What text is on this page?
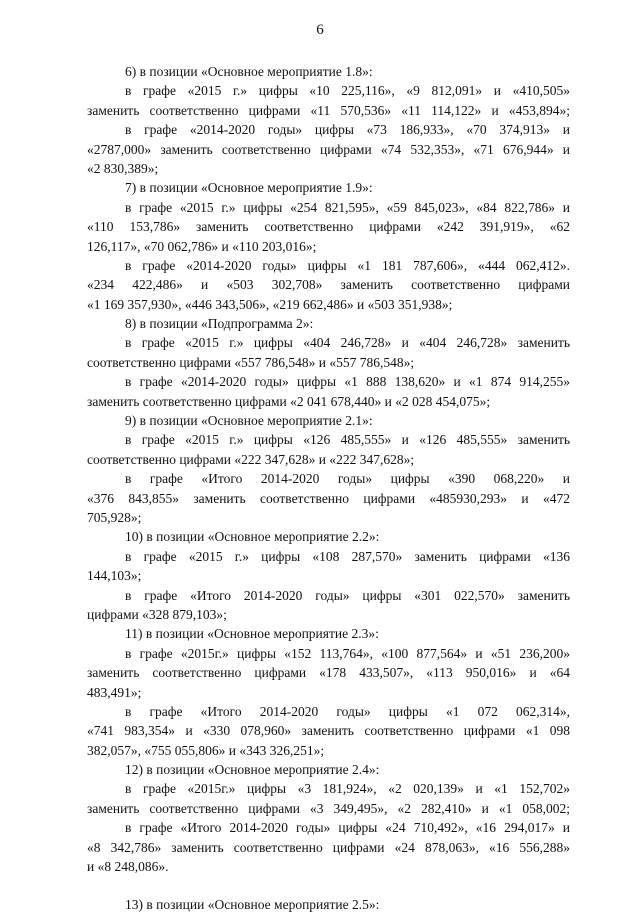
6
6) в позиции «Основное мероприятие 1.8»:
в графе «2015 г.» цифры «10 225,116», «9 812,091» и «410,505»
заменить соответственно цифрами «11 570,536» «11 114,122» и «453,894»;
в графе «2014-2020 годы» цифры «73 186,933», «70 374,913» и
«2787,000» заменить соответственно цифрами «74 532,353», «71 676,944» и
«2 830,389»;
7) в позиции «Основное мероприятие 1.9»:
в графе «2015 г.» цифры «254 821,595», «59 845,023», «84 822,786» и
«110 153,786» заменить соответственно цифрами «242 391,919», «62
126,117», «70 062,786» и «110 203,016»;
в графе «2014-2020 годы» цифры «1 181 787,606», «444 062,412».
«234 422,486» и «503 302,708» заменить соответственно цифрами
«1 169 357,930», «446 343,506», «219 662,486» и «503 351,938»;
8) в позиции «Подпрограмма 2»:
в графе «2015 г.» цифры «404 246,728» и «404 246,728» заменить
соответственно цифрами «557 786,548» и «557 786,548»;
в графе «2014-2020 годы» цифры «1 888 138,620» и «1 874 914,255»
заменить соответственно цифрами «2 041 678,440» и «2 028 454,075»;
9) в позиции «Основное мероприятие 2.1»:
в графе «2015 г.» цифры «126 485,555» и «126 485,555» заменить
соответственно цифрами «222 347,628» и «222 347,628»;
в графе «Итого 2014-2020 годы» цифры «390 068,220» и
«376 843,855» заменить соответственно цифрами «485930,293» и «472
705,928»;
10) в позиции «Основное мероприятие 2.2»:
в графе «2015 г.» цифры «108 287,570» заменить цифрами «136
144,103»;
в графе «Итого 2014-2020 годы» цифры «301 022,570» заменить
цифрами «328 879,103»;
11) в позиции «Основное мероприятие 2.3»:
в графе «2015г.» цифры «152 113,764», «100 877,564» и «51 236,200»
заменить соответственно цифрами «178 433,507», «113 950,016» и «64
483,491»;
в графе «Итого 2014-2020 годы» цифры «1 072 062,314»,
«741 983,354» и «330 078,960» заменить соответственно цифрами «1 098
382,057», «755 055,806» и «343 326,251»;
12) в позиции «Основное мероприятие 2.4»:
в графе «2015г.» цифры «3 181,924», «2 020,139» и «1 152,702»
заменить соответственно цифрами «3 349,495», «2 282,410» и «1 058,002;
в графе «Итого 2014-2020 годы» цифры «24 710,492», «16 294,017» и
«8 342,786» заменить соответственно цифрами «24 878,063», «16 556,288»
и «8 248,086».
13) в позиции «Основное мероприятие 2.5»:
